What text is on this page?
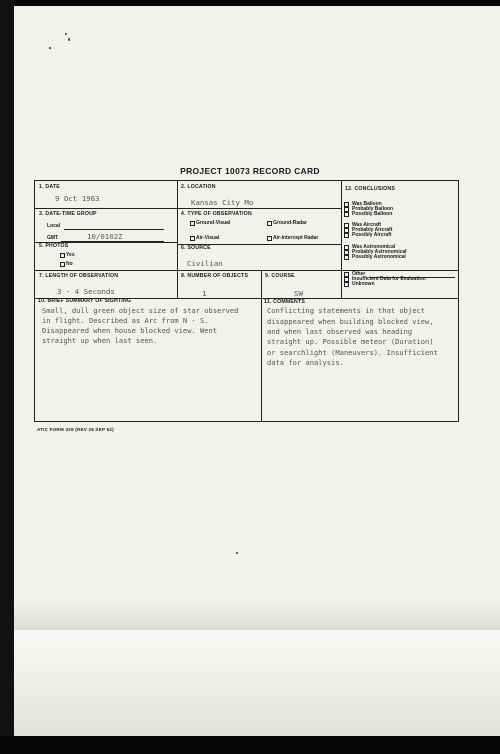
PROJECT 10073 RECORD CARD
1. DATE
9 Oct 1963
2. LOCATION
Kansas City Mo
3. DATE-TIME GROUP
Local
GMT	10/0102Z
5. PHOTOS
Yes
No
4. TYPE OF OBSERVATION
Ground-Visual	Ground-Radar
Air-Visual	Air-Intercept Radar
6. SOURCE
Civilian
7. LENGTH OF OBSERVATION
3 - 4 Seconds
8. NUMBER OF OBJECTS
1
9. COURSE
SW
12. CONCLUSIONS
Was Balloon
Probably Balloon
Possibly Balloon
Was Aircraft
Probably Aircraft
Possibly Aircraft
Was Astronomical
Probably Astronomical
Possibly Astronomical
Other
Insufficient Data for Evaluation
Unknown
10. BRIEF SUMMARY OF SIGHTING
Small, dull green object size of star observed
in flight. Described as Arc from N - S.
Disappeared when house blocked view. Went
straight up when last seen.
11. COMMENTS
Conflicting statements in that object
disappeared when building blocked view,
and when last observed was heading
straight up. Possible meteor (Duration)
or searchlight (Maneuvers). Insufficient
data for analysis.
ATIC FORM 329 (REV 26 SEP 52)
